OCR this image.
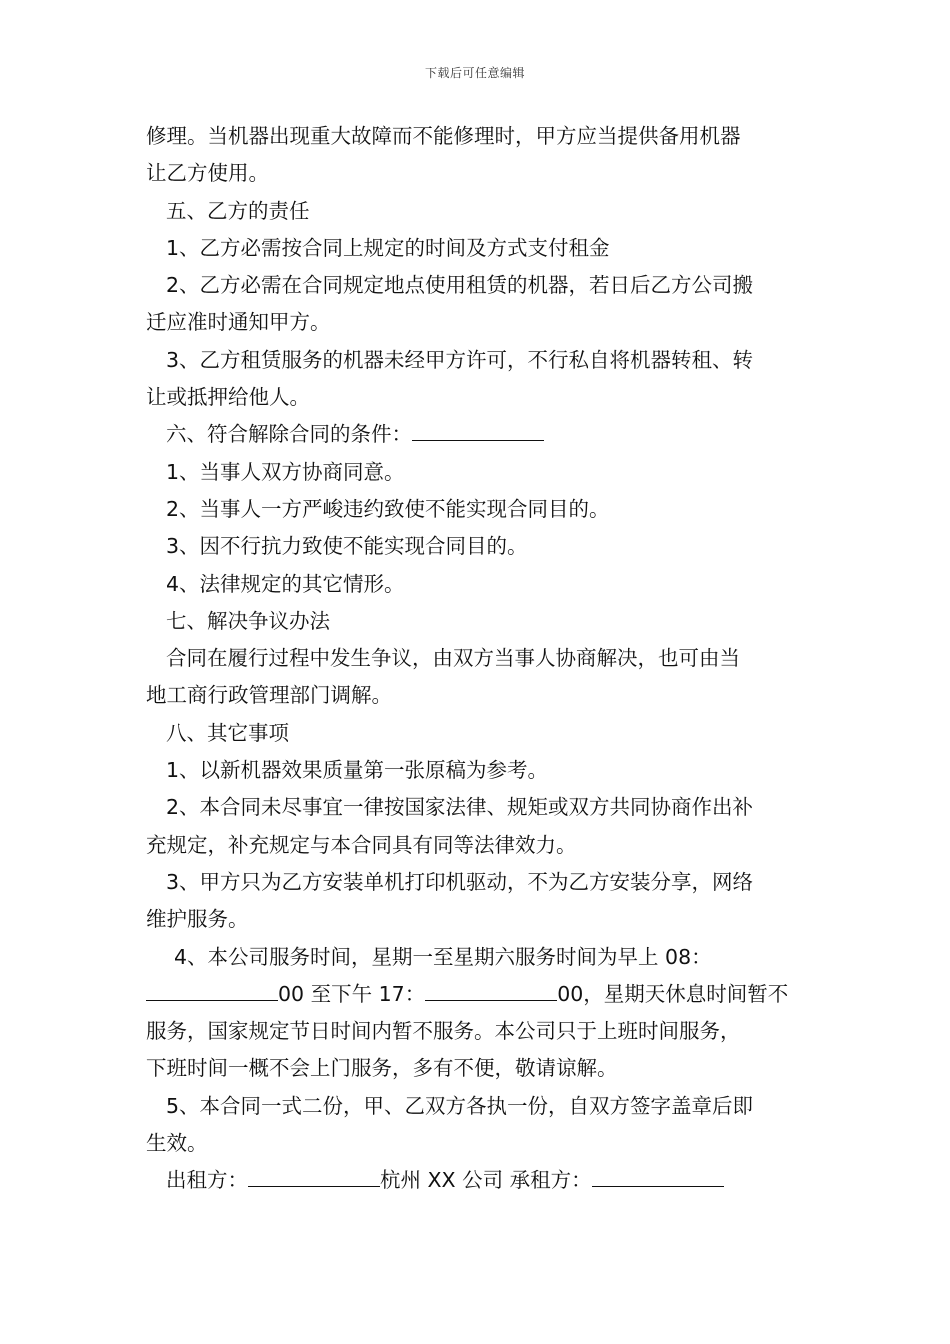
下载后可任意编辑

修理。当机器出现重大故障而不能修理时，甲方应当提供备用机器

让乙方使用。

五、乙方的责任

1、乙方必需按合同上规定的时间及方式支付租金

2、乙方必需在合同规定地点使用租赁的机器，若日后乙方公司搬

迁应准时通知甲方。

3、乙方租赁服务的机器未经甲方许可，不行私自将机器转租、转

让或抵押给他人。

六、符合解除合同的条件：

1、当事人双方协商同意。

2、当事人一方严峻违约致使不能实现合同目的。

3、因不行抗力致使不能实现合同目的。

4、法律规定的其它情形。

七、解决争议办法

合同在履行过程中发生争议，由双方当事人协商解决，也可由当

地工商行政管理部门调解。

八、其它事项

1、以新机器效果质量第一张原稿为参考。

2、本合同未尽事宜一律按国家法律、规矩或双方共同协商作出补

充规定，补充规定与本合同具有同等法律效力。

3、甲方只为乙方安装单机打印机驱动，不为乙方安装分享，网络

维护服务。

4、本公司服务时间，星期一至星期六服务时间为早上 08：

00 至下午 17：	00，星期天休息时间暂不

服务，国家规定节日时间内暂不服务。本公司只于上班时间服务，

下班时间一概不会上门服务，多有不便，敬请谅解。

5、本合同一式二份，甲、乙双方各执一份，自双方签字盖章后即

生效。

出租方：	杭州 XX 公司 承租方：
